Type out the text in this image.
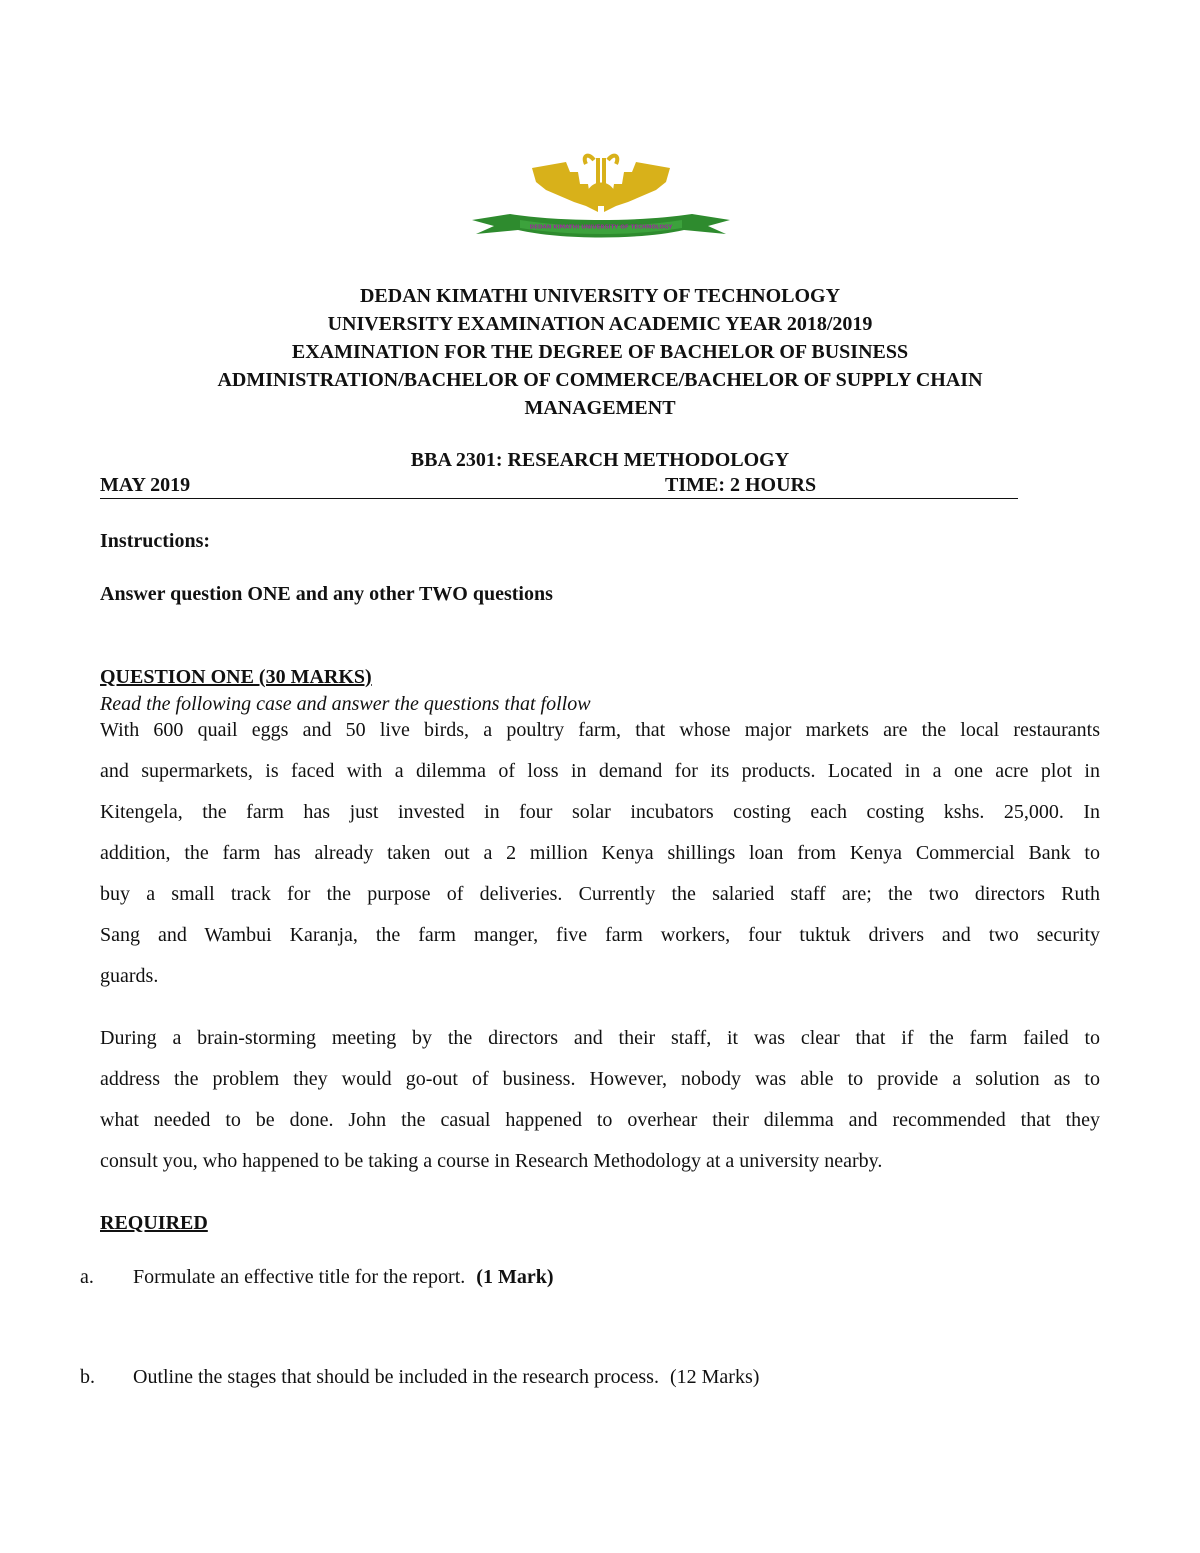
DEDAN KIMATHI UNIVERSITY OF TECHNOLOGY
DEDAN KIMATHI UNIVERSITY OF TECHNOLOGY
UNIVERSITY EXAMINATION ACADEMIC YEAR 2018/2019
EXAMINATION FOR THE DEGREE OF BACHELOR OF BUSINESS
ADMINISTRATION/BACHELOR OF COMMERCE/BACHELOR OF SUPPLY CHAIN
MANAGEMENT
BBA 2301: RESEARCH METHODOLOGY
MAY 2019	TIME: 2 HOURS
Instructions:
Answer question ONE and any other TWO questions
QUESTION ONE (30 MARKS)
Read the following case and answer the questions that follow
With 600 quail eggs and 50 live birds, a poultry farm, that whose major markets are the local restaurants
and supermarkets, is faced with a dilemma of loss in demand for its products. Located in a one acre plot in
Kitengela, the farm has just invested in four solar incubators costing each costing kshs. 25,000. In
addition, the farm has already taken out a 2 million Kenya shillings loan from Kenya Commercial Bank to
buy a small track for the purpose of deliveries. Currently the salaried staff are; the two directors Ruth
Sang and Wambui Karanja, the farm manger, five farm workers, four tuktuk drivers and two security
guards.
During a brain-storming meeting by the directors and their staff, it was clear that if the farm failed to
address the problem they would go-out of business. However, nobody was able to provide a solution as to
what needed to be done. John the casual happened to overhear their dilemma and recommended that they
consult you, who happened to be taking a course in Research Methodology at a university nearby.
REQUIRED
a. Formulate an effective title for the report. (1 Mark)
b. Outline the stages that should be included in the research process. (12 Marks)
